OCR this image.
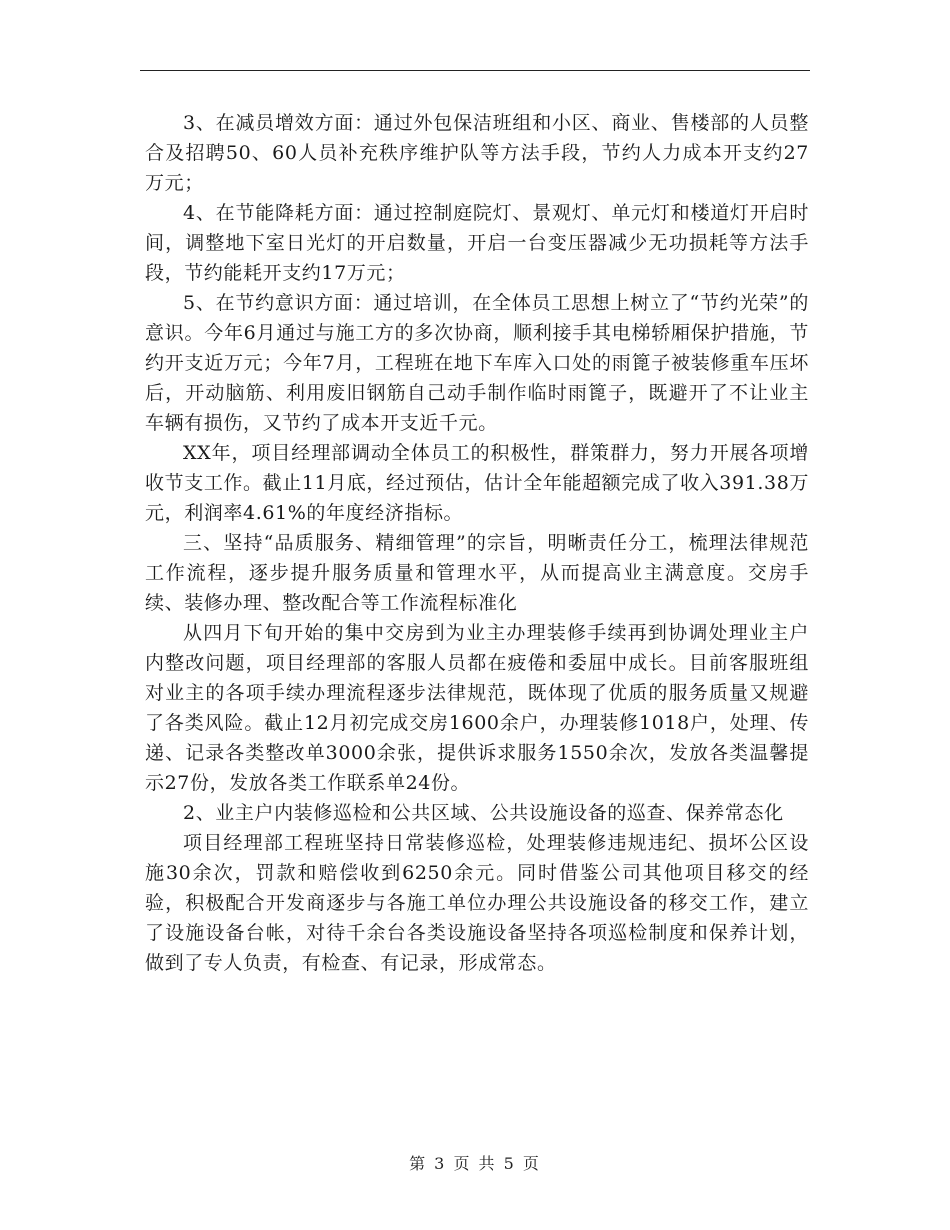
3、在减员增效方面：通过外包保洁班组和小区、商业、售楼部的人员整合及招聘50、60人员补充秩序维护队等方法手段，节约人力成本开支约27万元；

4、在节能降耗方面：通过控制庭院灯、景观灯、单元灯和楼道灯开启时间，调整地下室日光灯的开启数量，开启一台变压器减少无功损耗等方法手段，节约能耗开支约17万元；

5、在节约意识方面：通过培训，在全体员工思想上树立了“节约光荣”的意识。今年6月通过与施工方的多次协商，顺利接手其电梯轿厢保护措施，节约开支近万元；今年7月，工程班在地下车库入口处的雨篦子被装修重车压坏后，开动脑筋、利用废旧钢筋自己动手制作临时雨篦子，既避开了不让业主车辆有损伤，又节约了成本开支近千元。

XX年，项目经理部调动全体员工的积极性，群策群力，努力开展各项增收节支工作。截止11月底，经过预估，估计全年能超额完成了收入391.38万元，利润率4.61%的年度经济指标。

三、坚持“品质服务、精细管理”的宗旨，明晰责任分工，梳理法律规范工作流程，逐步提升服务质量和管理水平，从而提高业主满意度。交房手续、装修办理、整改配合等工作流程标准化

从四月下旬开始的集中交房到为业主办理装修手续再到协调处理业主户内整改问题，项目经理部的客服人员都在疲倦和委屈中成长。目前客服班组对业主的各项手续办理流程逐步法律规范，既体现了优质的服务质量又规避了各类风险。截止12月初完成交房1600余户，办理装修1018户，处理、传递、记录各类整改单3000余张，提供诉求服务1550余次，发放各类温馨提示27份，发放各类工作联系单24份。

2、业主户内装修巡检和公共区域、公共设施设备的巡查、保养常态化

项目经理部工程班坚持日常装修巡检，处理装修违规违纪、损坏公区设施30余次，罚款和赔偿收到6250余元。同时借鉴公司其他项目移交的经验，积极配合开发商逐步与各施工单位办理公共设施设备的移交工作，建立了设施设备台帐，对待千余台各类设施设备坚持各项巡检制度和保养计划，做到了专人负责，有检查、有记录，形成常态。

第 3 页 共 5 页
